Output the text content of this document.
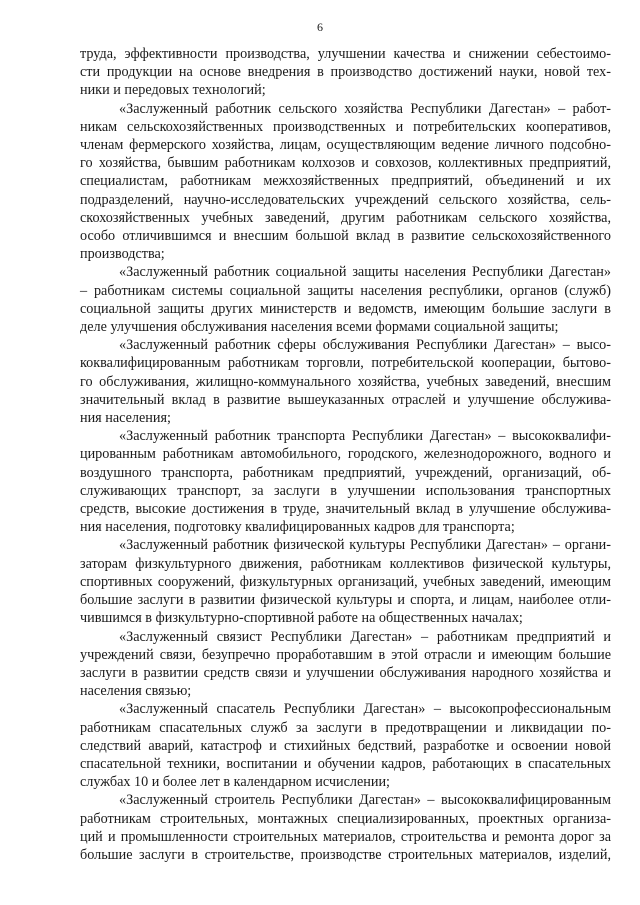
6

труда, эффективности производства, улучшении качества и снижении себестоимо-
сти продукции на основе внедрения в производство достижений науки, новой тех-
ники и передовых технологий;

«Заслуженный работник сельского хозяйства Республики Дагестан» – работ-
никам сельскохозяйственных производственных и потребительских кооперативов,
членам фермерского хозяйства, лицам, осуществляющим ведение личного подсобно-
го хозяйства, бывшим работникам колхозов и совхозов, коллективных предприятий,
специалистам, работникам межхозяйственных предприятий, объединений и их
подразделений, научно-исследовательских учреждений сельского хозяйства, сель-
скохозяйственных учебных заведений, другим работникам сельского хозяйства,
особо отличившимся и внесшим большой вклад в развитие сельскохозяйственного
производства;

«Заслуженный работник социальной защиты населения Республики Дагестан»
– работникам системы социальной защиты населения республики, органов (служб)
социальной защиты других министерств и ведомств, имеющим большие заслуги в
деле улучшения обслуживания населения всеми формами социальной защиты;

«Заслуженный работник сферы обслуживания Республики Дагестан» – высо-
коквалифицированным работникам торговли, потребительской кооперации, бытово-
го обслуживания, жилищно-коммунального хозяйства, учебных заведений, внесшим
значительный вклад в развитие вышеуказанных отраслей и улучшение обслужива-
ния населения;

«Заслуженный работник транспорта Республики Дагестан» – высококвалифи-
цированным работникам автомобильного, городского, железнодорожного, водного и
воздушного транспорта, работникам предприятий, учреждений, организаций, об-
служивающих транспорт, за заслуги в улучшении использования транспортных
средств, высокие достижения в труде, значительный вклад в улучшение обслужива-
ния населения, подготовку квалифицированных кадров для транспорта;

«Заслуженный работник физической культуры Республики Дагестан» – органи-
заторам физкультурного движения, работникам коллективов физической культуры,
спортивных сооружений, физкультурных организаций, учебных заведений, имеющим
большие заслуги в развитии физической культуры и спорта, и лицам, наиболее отли-
чившимся в физкультурно-спортивной работе на общественных началах;

«Заслуженный связист Республики Дагестан» – работникам предприятий и
учреждений связи, безупречно проработавшим в этой отрасли и имеющим большие
заслуги в развитии средств связи и улучшении обслуживания народного хозяйства и
населения связью;

«Заслуженный спасатель Республики Дагестан» – высокопрофессиональным
работникам спасательных служб за заслуги в предотвращении и ликвидации по-
следствий аварий, катастроф и стихийных бедствий, разработке и освоении новой
спасательной техники, воспитании и обучении кадров, работающих в спасательных
службах 10 и более лет в календарном исчислении;

«Заслуженный строитель Республики Дагестан» – высококвалифицированным
работникам строительных, монтажных специализированных, проектных организа-
ций и промышленности строительных материалов, строительства и ремонта дорог за
большие заслуги в строительстве, производстве строительных материалов, изделий,
